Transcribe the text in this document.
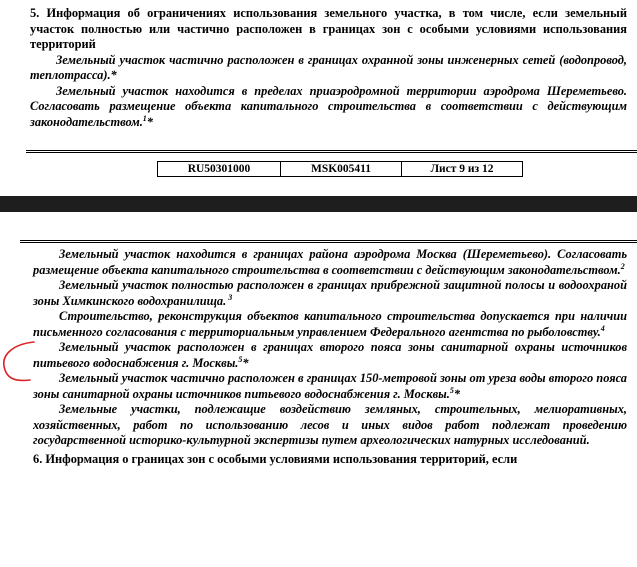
5. Информация об ограничениях использования земельного участка, в том числе, если земельный участок полностью или частично расположен в границах зон с особыми условиями использования территорий

Земельный участок частично расположен в границах охранной зоны инженерных сетей (водопровод, теплотрасса).*

Земельный участок находится в пределах приаэродромной территории аэродрома Шереметьево. Согласовать размещение объекта капитального строительства в соответствии с действующим законодательством.$^1$*

RU50301000	MSK005411	Лист 9 из 12

Земельный участок находится в границах района аэродрома Москва (Шереметьево). Согласовать размещение объекта капитального строительства в соответствии с действующим законодательством.$^2$

Земельный участок полностью расположен в границах прибрежной защитной полосы и водоохраной зоны Химкинского водохранилища. $^3$

Строительство, реконструкция объектов капитального строительства допускается при наличии письменного согласования с территориальным управлением Федерального агентства по рыболовству.$^4$

Земельный участок расположен в границах второго пояса зоны санитарной охраны источников питьевого водоснабжения г. Москвы.$^5$*

Земельный участок частично расположен в границах 150-метровой зоны от уреза воды второго пояса зоны санитарной охраны источников питьевого водоснабжения г. Москвы.$^5$*

Земельные участки, подлежащие воздействию земляных, строительных, мелиоративных, хозяйственных, работ по использованию лесов и иных видов работ подлежат проведению государственной историко-культурной экспертизы путем археологических натурных исследований.

6. Информация о границах зон с особыми условиями использования территорий, если
